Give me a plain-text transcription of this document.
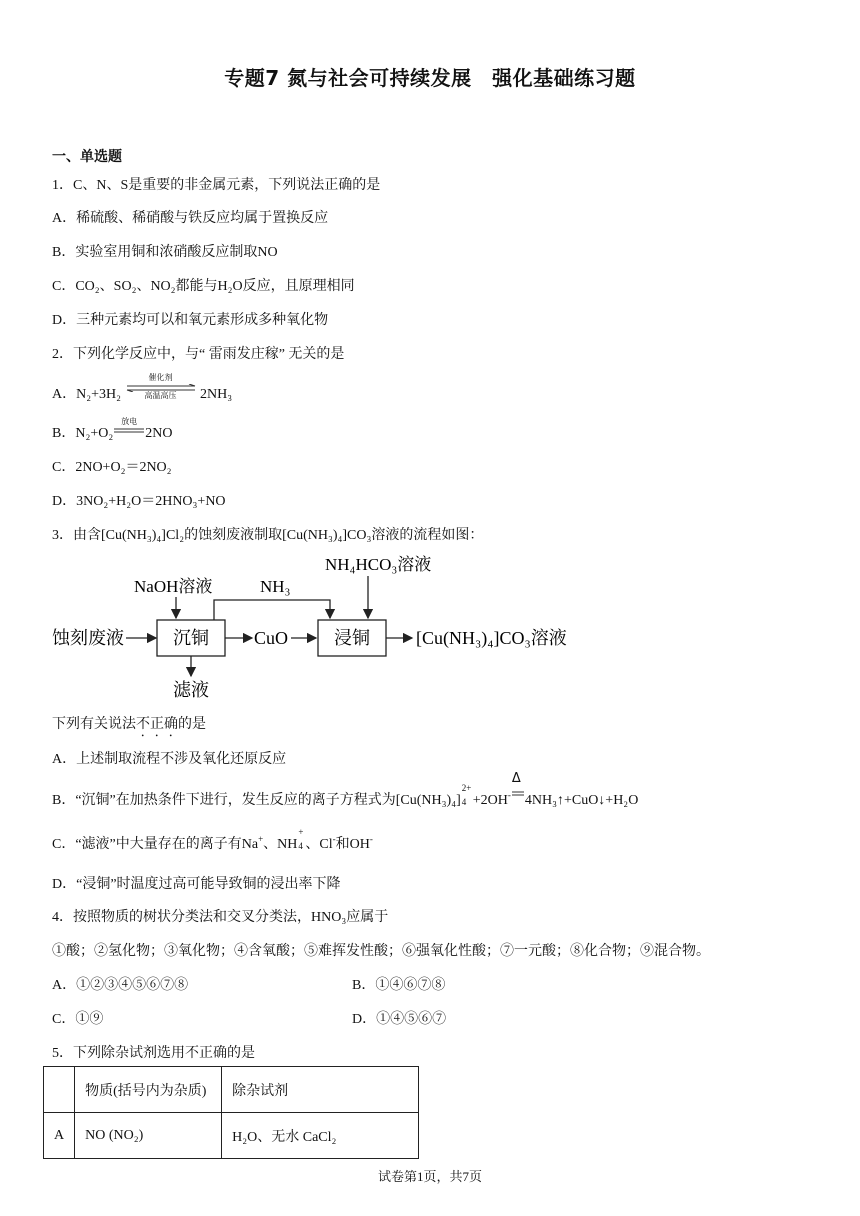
专题7 氮与社会可持续发展　强化基础练习题
一、单选题
1．C、N、S是重要的非金属元素，下列说法正确的是
A．稀硫酸、稀硝酸与铁反应均属于置换反应
B．实验室用铜和浓硝酸反应制取NO
C．CO₂、SO₂、NO₂都能与H₂O反应，且原理相同
D．三种元素均可以和氧元素形成多种氧化物
2．下列化学反应中，与“ 雷雨发庄稼” 无关的是
A．N₂+3H₂
催化剂
高温高压	2NH₃
B．N₂+O₂
放电
2NO
C．2NO+O₂＝2NO₂
D．3NO₂+H₂O＝2HNO₃+NO
3．由含[Cu(NH₃)₄]Cl₂的蚀刻废液制取[Cu(NH₃)₄]CO₃溶液的流程如图：
蚀刻废液	沉铜
NaOH溶液
滤液
CuO
NH₃
浸铜
NH₄HCO₃溶液
[Cu(NH₃)₄]CO₃溶液
下列有关说法不正确的是
A．上述制取流程不涉及氧化还原反应
B．“沉铜”在加热条件下进行，发生反应的离子方程式为[Cu(NH₃)₄]
2+
4 +2OH-
Δ
4NH₃↑+CuO↓+H₂O
C．“滤液”中大量存在的离子有Na+、NH
+
4 、Cl-和OH-
D．“浸铜”时温度过高可能导致铜的浸出率下降
4．按照物质的树状分类法和交叉分类法，HNO₃应属于
①酸；②氢化物；③氧化物；④含氧酸；⑤难挥发性酸；⑥强氧化性酸；⑦一元酸；⑧化合物；⑨混合物。
A．①②③④⑤⑥⑦⑧	B．①④⑥⑦⑧
C．①⑨	D．①④⑤⑥⑦
5．下列除杂试剂选用不正确的是
	物质(括号内为杂质)	除杂试剂
A	NO (NO₂)	H₂O、无水 CaCl₂
试卷第1页，共7页
